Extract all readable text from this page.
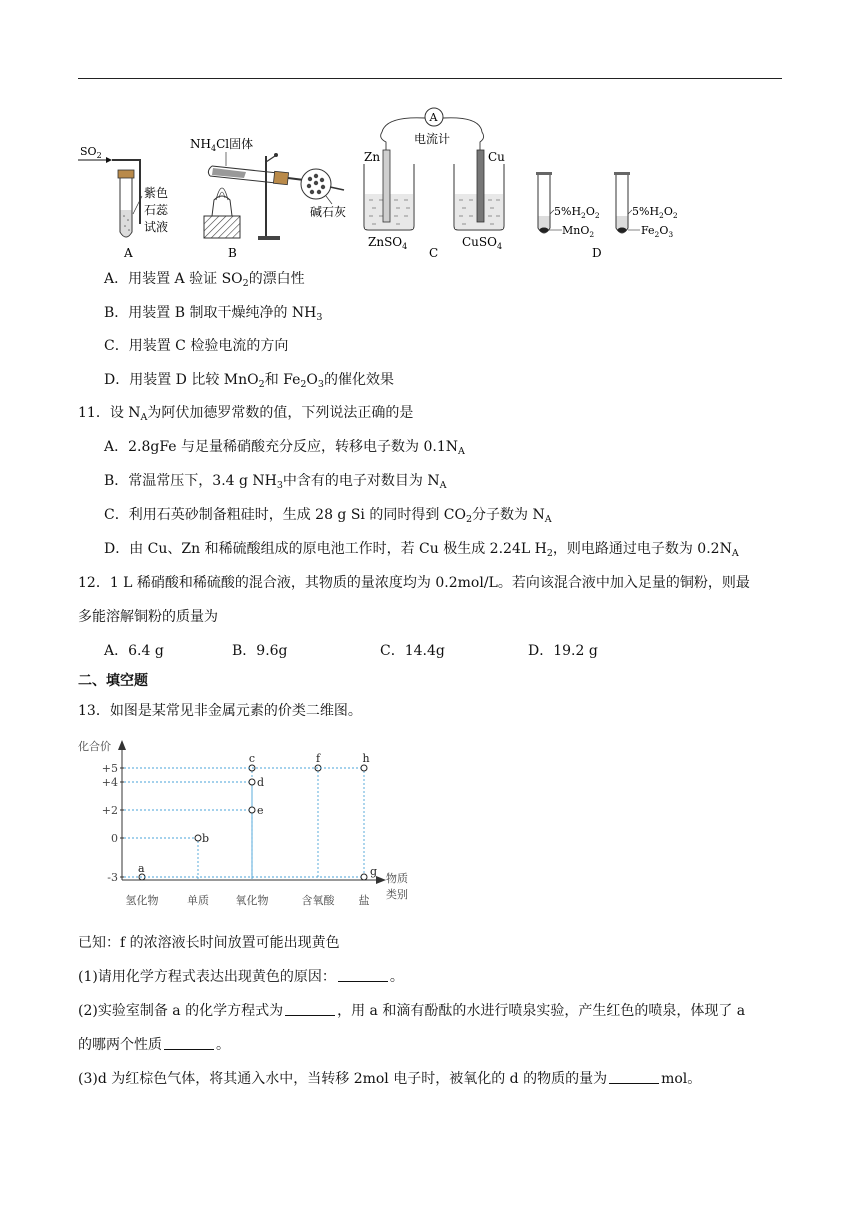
$SO_2$
紫色
石蕊
试液
$NH_4Cl$固体
碱石灰
A
电流计
Zn	Cu
ZnSO$_4$	CuSO$_4$
$5\%H_2O_2$
MnO$_2$
$5\%H_2O_2$
$Fe_2O_3$
A	B	C	D
A．用装置 A 验证 $SO_2$的漂白性
B．用装置 B 制取干燥纯净的 $NH_3$
C．用装置 C 检验电流的方向
D．用装置 D 比较 MnO$_2$和 $Fe_2O_3$的催化效果
11．设 $N_A$为阿伏加德罗常数的值，下列说法正确的是
A．2.8gFe 与足量稀硝酸充分反应，转移电子数为 $0.1N_A$
B．常温常压下，3.4 g $NH_3$中含有的电子对数目为 $N_A$
C．利用石英砂制备粗硅时，生成 28 g Si 的同时得到 $CO_2$分子数为 $N_A$
D．由 Cu、Zn 和稀硫酸组成的原电池工作时，若 Cu 极生成 2.24L $H_2$，则电路通过电子数为 $0.2N_A$
12．1 L 稀硝酸和稀硫酸的混合液，其物质的量浓度均为 0.2mol/L。若向该混合液中加入足量的铜粉，则最
多能溶解铜粉的质量为
A．6.4 g	B．9.6g	C．14.4g	D．19.2 g
二、填空题
13．如图是某常见非金属元素的价类二维图。
化合价
物质
类别
+5
+4
+2
0
-3
氢化物	单质 氧化物	含氧酸 盐
a
b
c
d
e
f	h
g
已知：f 的浓溶液长时间放置可能出现黄色
(1)请用化学方程式表达出现黄色的原因：	。
(2)实验室制备 a 的化学方程式为	，用 a 和滴有酚酞的水进行喷泉实验，产生红色的喷泉，体现了 a
的哪两个性质	。
(3)d 为红棕色气体，将其通入水中，当转移 2mol 电子时，被氧化的 d 的物质的量为	mol。
